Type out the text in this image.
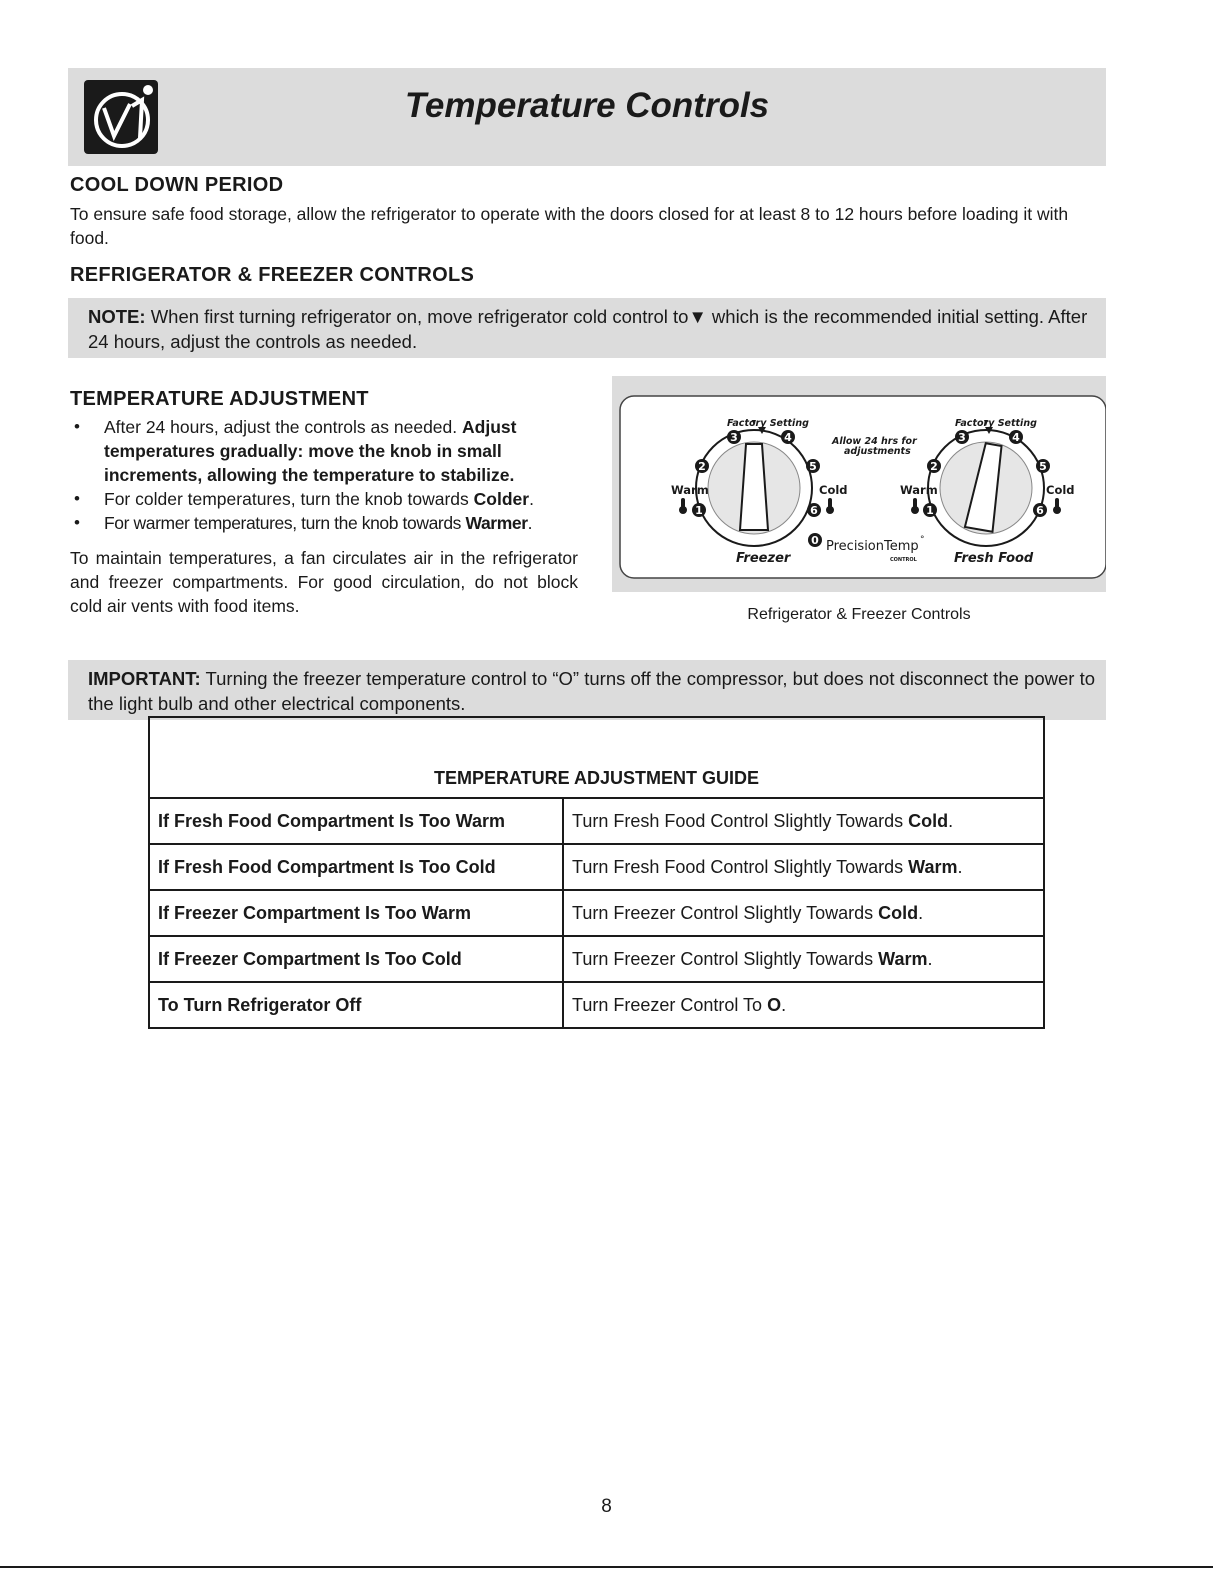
Temperature Controls
COOL DOWN PERIOD

To ensure safe food storage, allow the refrigerator to operate with the doors closed for at least 8 to 12 hours before loading it with food.

REFRIGERATOR & FREEZER CONTROLS
NOTE: When first turning refrigerator on, move refrigerator cold control to▼ which is the recommended initial setting. After 24 hours, adjust the controls as needed.
TEMPERATURE ADJUSTMENT
• After 24 hours, adjust the controls as needed. Adjust temperatures gradually: move the knob in small increments, allowing the temperature to stabilize.
• For colder temperatures, turn the knob towards Colder.
• For warmer temperatures, turn the knob towards Warmer.

To maintain temperatures, a fan circulates air in the refrigerator and freezer compartments. For good circulation, do not block cold air vents with food items.

3	4
2	5
1	6
0
3	4
2	5
1	6
Factory Setting	Factory Setting
Allow 24 hrs for
adjustments
Warm	Cold	Warm	Cold
Freezer	Fresh Food
PrecisionTemp °
CONTROL
Refrigerator & Freezer Controls
IMPORTANT: Turning the freezer temperature control to “O” turns off the compressor, but does not disconnect the power to the light bulb and other electrical components.
TEMPERATURE ADJUSTMENT GUIDE	
If Fresh Food Compartment Is Too Warm	Turn Fresh Food Control Slightly Towards Cold.
If Fresh Food Compartment Is Too Cold	Turn Fresh Food Control Slightly Towards Warm.
If Freezer Compartment Is Too Warm	Turn Freezer Control Slightly Towards Cold.
If Freezer Compartment Is Too Cold	Turn Freezer Control Slightly Towards Warm.
To Turn Refrigerator Off	Turn Freezer Control To O.
8
